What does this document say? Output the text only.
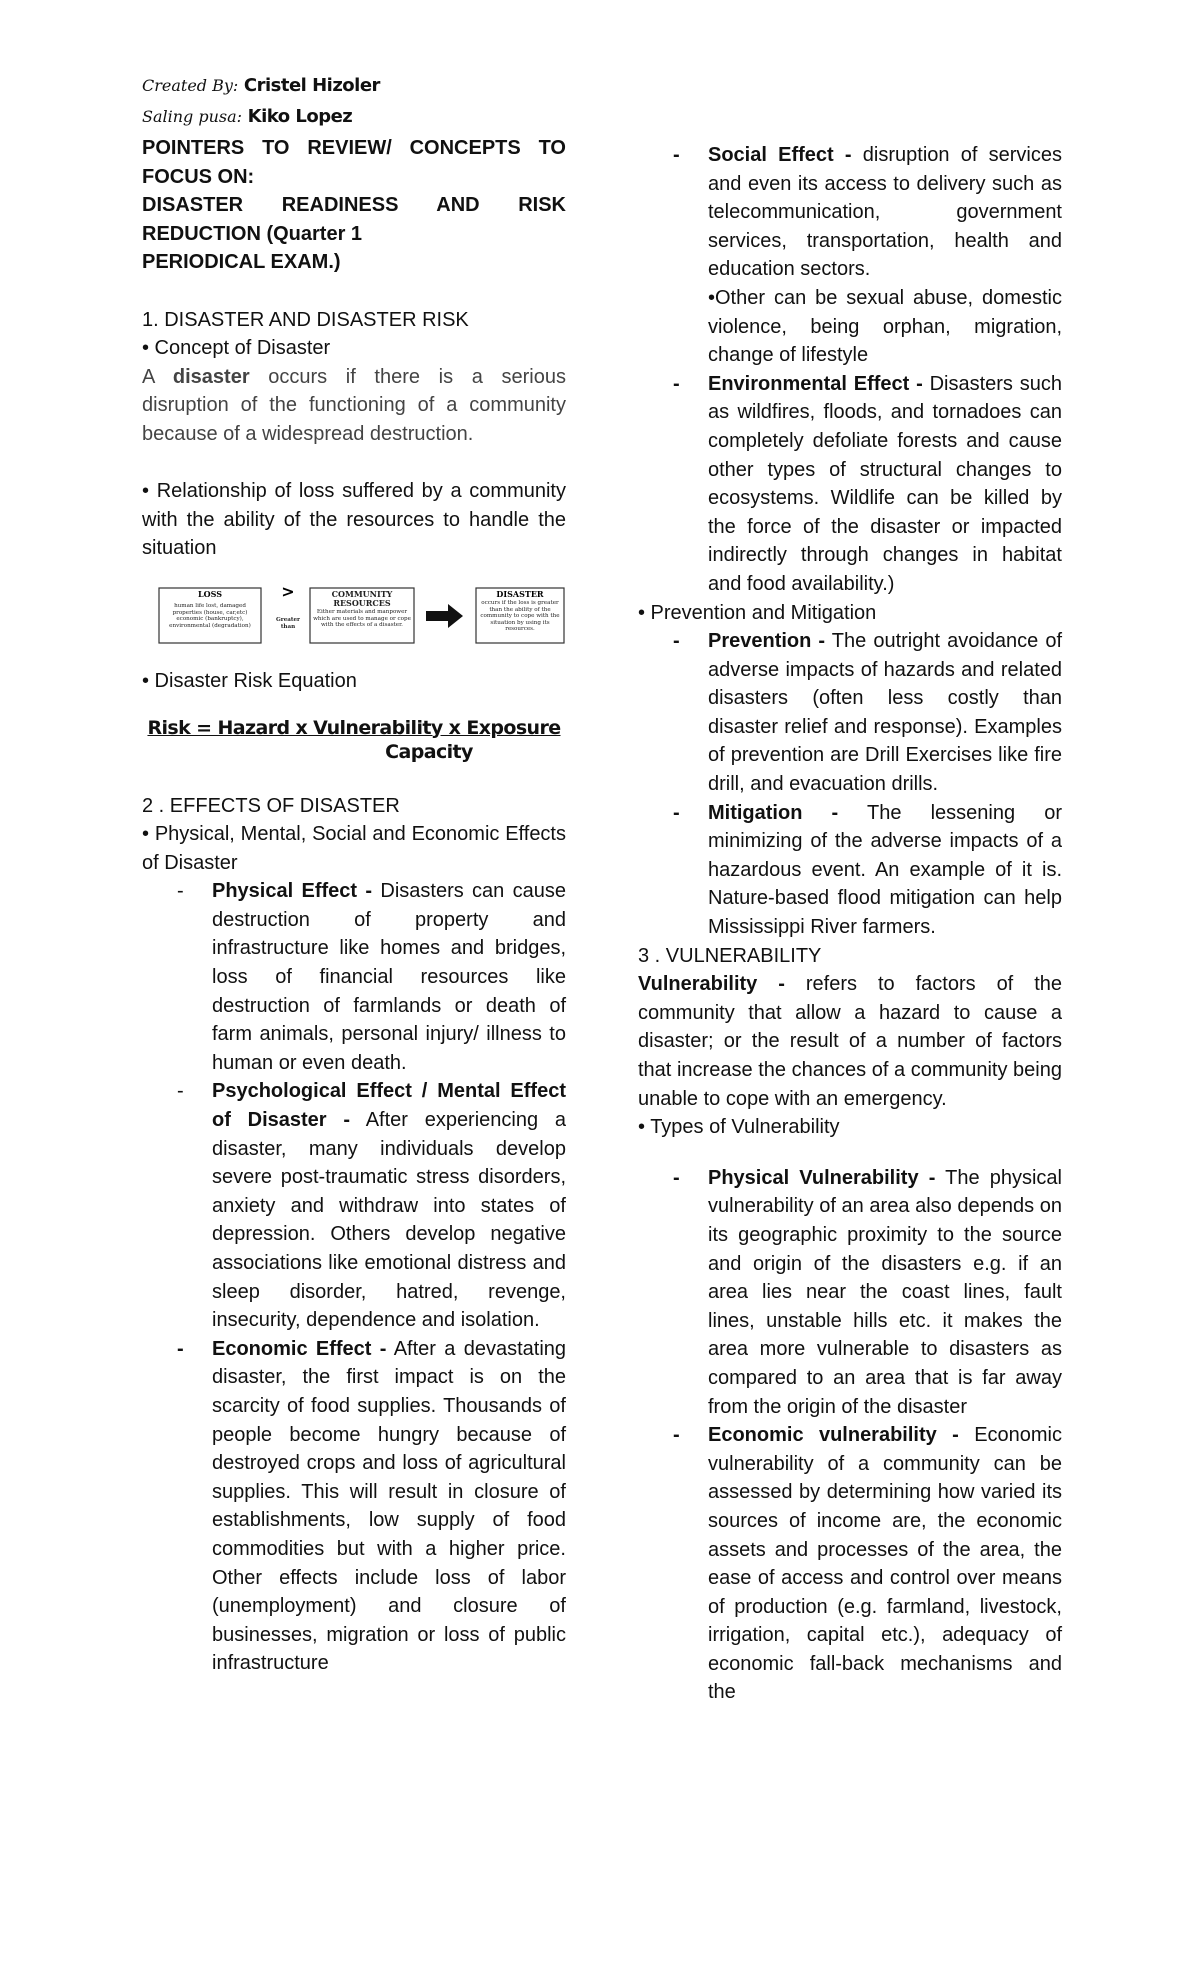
Created By: Cristel Hizoler
Saling pusa: Kiko Lopez

POINTERS TO REVIEW/ CONCEPTS TO FOCUS ON:

DISASTER READINESS AND RISK REDUCTION (Quarter 1

PERIODICAL EXAM.)

1. DISASTER AND DISASTER RISK

• Concept of Disaster

A disaster occurs if there is a serious disruption of the functioning of a community because of a widespread destruction.

• Relationship of loss suffered by a community with the ability of the resources to handle the situation

LOSS
human life lost, damaged properties (house, car,etc) economic (bankruptcy), environmental (degradation)
>
Greater than
COMMUNITY RESOURCES
Either materials and manpower which are used to manage or cope with the effects of a disaster.
DISASTER
occurs if the loss is greater than the ability of the community to cope with the situation by using its resources.

• Disaster Risk Equation

Risk = Hazard x Vulnerability x Exposure
Capacity

2 . EFFECTS OF DISASTER

• Physical, Mental, Social and Economic Effects of Disaster

-	Physical Effect - Disasters can cause destruction of property and infrastructure like homes and bridges, loss of financial resources like destruction of farmlands or death of farm animals, personal injury/ illness to human or even death.

-	Psychological Effect / Mental Effect of Disaster - After experiencing a disaster, many individuals develop severe post-traumatic stress disorders, anxiety and withdraw into states of depression. Others develop negative associations like emotional distress and sleep disorder, hatred, revenge, insecurity, dependence and isolation.

-	Economic Effect - After a devastating disaster, the first impact is on the scarcity of food supplies. Thousands of people become hungry because of destroyed crops and loss of agricultural supplies. This will result in closure of establishments, low supply of food commodities but with a higher price. Other effects include loss of labor (unemployment) and closure of businesses, migration or loss of public infrastructure

-	Social Effect - disruption of services and even its access to delivery such as telecommunication, government services, transportation, health and education sectors.

•Other can be sexual abuse, domestic violence, being orphan, migration, change of lifestyle

-	Environmental Effect - Disasters such as wildfires, floods, and tornadoes can completely defoliate forests and cause other types of structural changes to ecosystems. Wildlife can be killed by the force of the disaster or impacted indirectly through changes in habitat and food availability.)

• Prevention and Mitigation

-	Prevention - The outright avoidance of adverse impacts of hazards and related disasters (often less costly than disaster relief and response). Examples of prevention are Drill Exercises like fire drill, and evacuation drills.

-	Mitigation - The lessening or minimizing of the adverse impacts of a hazardous event. An example of it is. Nature-based flood mitigation can help Mississippi River farmers.

3 . VULNERABILITY

Vulnerability - refers to factors of the community that allow a hazard to cause a disaster; or the result of a number of factors that increase the chances of a community being unable to cope with an emergency.

• Types of Vulnerability

-	Physical Vulnerability - The physical vulnerability of an area also depends on its geographic proximity to the source and origin of the disasters e.g. if an area lies near the coast lines, fault lines, unstable hills etc. it makes the area more vulnerable to disasters as compared to an area that is far away from the origin of the disaster

-	Economic vulnerability - Economic vulnerability of a community can be assessed by determining how varied its sources of income are, the economic assets and processes of the area, the ease of access and control over means of production (e.g. farmland, livestock, irrigation, capital etc.), adequacy of economic fall-back mechanisms and the
